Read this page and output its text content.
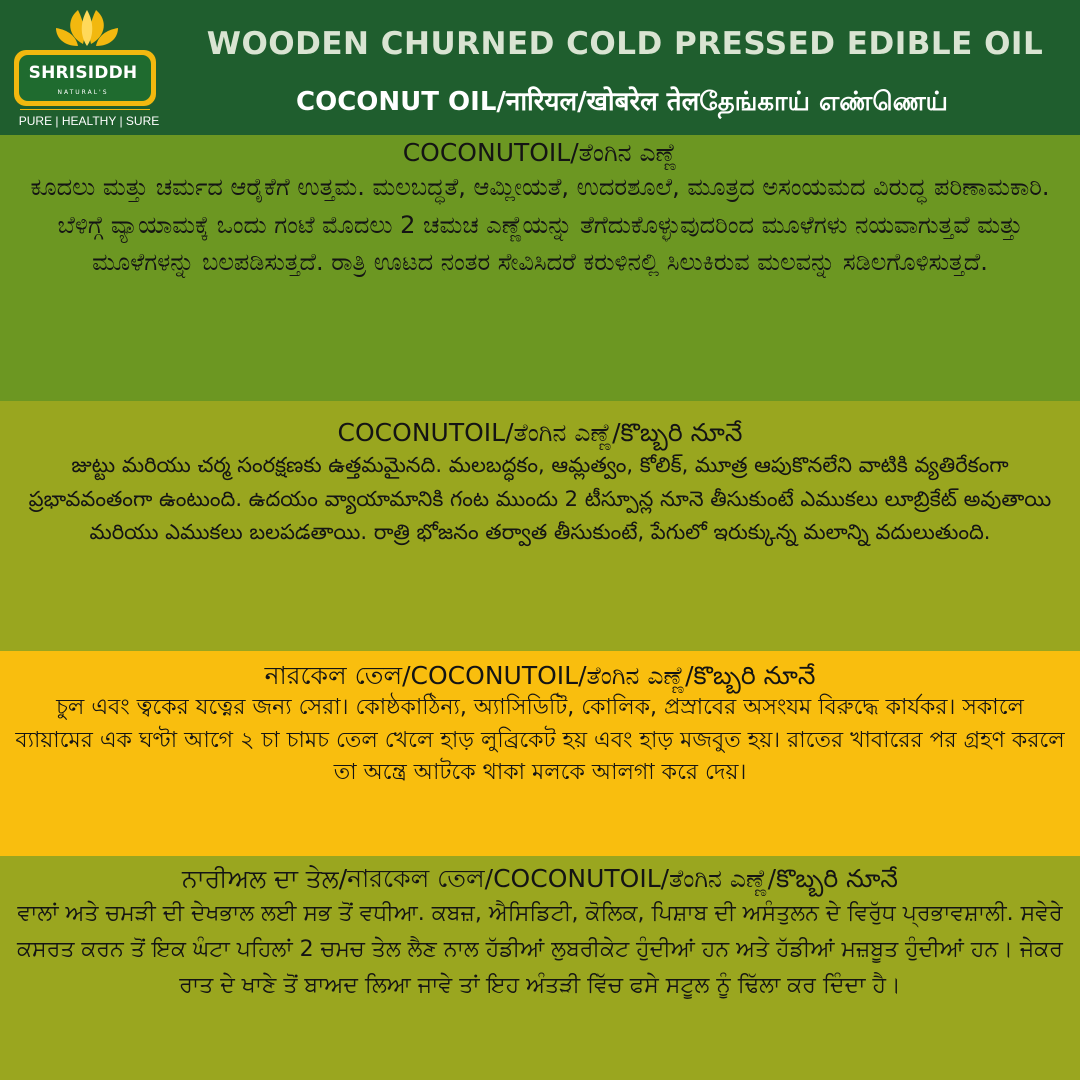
SHRISIDDH
NATURAL'S
PURE | HEALTHY | SURE
WOODEN CHURNED COLD PRESSED EDIBLE OIL
COCONUT OIL/नारियल/खोबरेल तेलதேங்காய் எண்ணெய்
COCONUTOIL/ತೆಂಗಿನ ಎಣ್ಣೆ
ಕೂದಲು ಮತ್ತು ಚರ್ಮದ ಆರೈಕೆಗೆ ಉತ್ತಮ. ಮಲಬದ್ಧತೆ, ಆಮ್ಲೀಯತೆ, ಉದರಶೂಲೆ, ಮೂತ್ರದ ಅಸಂಯಮದ ವಿರುದ್ಧ ಪರಿಣಾಮಕಾರಿ. ಬೆಳಿಗ್ಗೆ ವ್ಯಾಯಾಮಕ್ಕೆ ಒಂದು ಗಂಟೆ ಮೊದಲು 2 ಚಮಚ ಎಣ್ಣೆಯನ್ನು ತೆಗೆದುಕೊಳ್ಳುವುದರಿಂದ ಮೂಳೆಗಳು ನಯವಾಗುತ್ತವೆ ಮತ್ತು ಮೂಳೆಗಳನ್ನು ಬಲಪಡಿಸುತ್ತದೆ. ರಾತ್ರಿ ಊಟದ ನಂತರ ಸೇವಿಸಿದರೆ ಕರುಳಿನಲ್ಲಿ ಸಿಲುಕಿರುವ ಮಲವನ್ನು ಸಡಿಲಗೊಳಿಸುತ್ತದೆ.
COCONUTOIL/ತೆಂಗಿನ ಎಣ್ಣೆ/కొబ్బరి నూనే
జుట్టు మరియు చర్మ సంరక్షణకు ఉత్తమమైనది. మలబద్ధకం, ఆమ్లత్వం, కోలిక్, మూత్ర ఆపుకొనలేని వాటికి వ్యతిరేకంగా ప్రభావవంతంగా ఉంటుంది. ఉదయం వ్యాయామానికి గంట ముందు 2 టీస్పూన్ల నూనె తీసుకుంటే ఎముకలు లూబ్రికేట్ అవుతాయి మరియు ఎముకలు బలపడతాయి. రాత్రి భోజనం తర్వాత తీసుకుంటే, పేగులో ఇరుక్కున్న మలాన్ని వదులుతుంది.
নারকেল তেল/COCONUTOIL/ತೆಂಗಿನ ಎಣ್ಣೆ/కొబ్బరి నూనే
চুল এবং ত্বকের যত্নের জন্য সেরা। কোষ্ঠকাঠিন্য, অ্যাসিডিটি, কোলিক, প্রস্রাবের অসংযম বিরুদ্ধে কার্যকর। সকালে ব্যায়ামের এক ঘণ্টা আগে ২ চা চামচ তেল খেলে হাড় লুব্রিকেট হয় এবং হাড় মজবুত হয়। রাতের খাবারের পর গ্রহণ করলে তা অন্ত্রে আটকে থাকা মলকে আলগা করে দেয়।
ਨਾਰੀਅਲ ਦਾ ਤੇਲ/নারকেল তেল/COCONUTOIL/ತೆಂಗಿನ ಎಣ್ಣೆ/కొబ్బరి నూనే
ਵਾਲਾਂ ਅਤੇ ਚਮੜੀ ਦੀ ਦੇਖਭਾਲ ਲਈ ਸਭ ਤੋਂ ਵਧੀਆ. ਕਬਜ਼, ਐਸਿਡਿਟੀ, ਕੋਲਿਕ, ਪਿਸ਼ਾਬ ਦੀ ਅਸੰਤੁਲਨ ਦੇ ਵਿਰੁੱਧ ਪ੍ਰਭਾਵਸ਼ਾਲੀ. ਸਵੇਰੇ ਕਸਰਤ ਕਰਨ ਤੋਂ ਇਕ ਘੰਟਾ ਪਹਿਲਾਂ 2 ਚਮਚ ਤੇਲ ਲੈਣ ਨਾਲ ਹੱਡੀਆਂ ਲੁਬਰੀਕੇਟ ਹੁੰਦੀਆਂ ਹਨ ਅਤੇ ਹੱਡੀਆਂ ਮਜ਼ਬੂਤ ਹੁੰਦੀਆਂ ਹਨ। ਜੇਕਰ ਰਾਤ ਦੇ ਖਾਣੇ ਤੋਂ ਬਾਅਦ ਲਿਆ ਜਾਵੇ ਤਾਂ ਇਹ ਅੰਤੜੀ ਵਿੱਚ ਫਸੇ ਸਟੂਲ ਨੂੰ ਢਿੱਲਾ ਕਰ ਦਿੰਦਾ ਹੈ।
